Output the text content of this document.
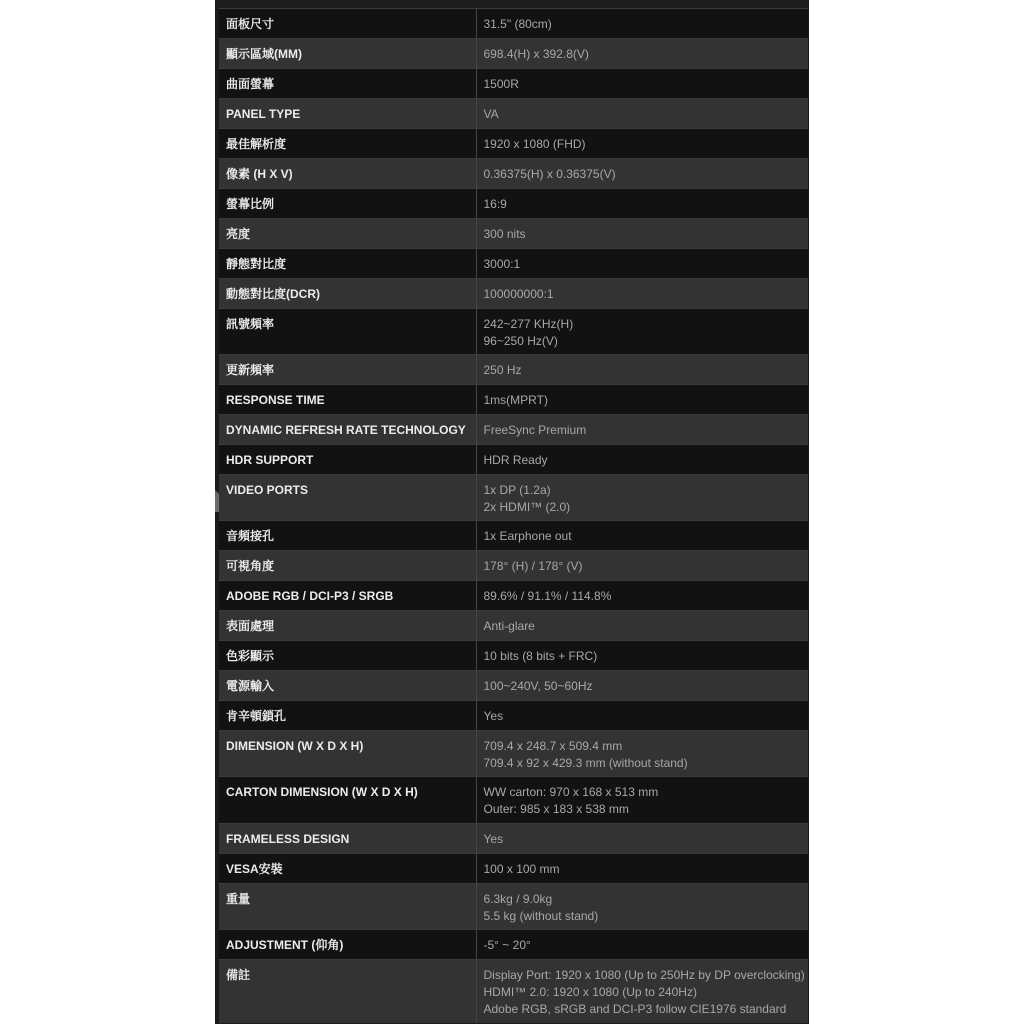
面板尺寸	31.5" (80cm)

顯示區域(MM)	698.4(H) x 392.8(V)

曲面螢幕	1500R

PANEL TYPE	VA

最佳解析度	1920 x 1080 (FHD)

像素 (H X V)	0.36375(H) x 0.36375(V)

螢幕比例	16:9

亮度	300 nits

靜態對比度	3000:1

動態對比度(DCR)	100000000:1

訊號頻率	242~277 KHz(H)
96~250 Hz(V)

更新頻率	250 Hz

RESPONSE TIME	1ms(MPRT)

DYNAMIC REFRESH RATE TECHNOLOGY	FreeSync Premium

HDR SUPPORT	HDR Ready

VIDEO PORTS	1x DP (1.2a)
2x HDMI™ (2.0)

音頻接孔	1x Earphone out

可視角度	178° (H) / 178° (V)

ADOBE RGB / DCI-P3 / SRGB	89.6% / 91.1% / 114.8%

表面處理	Anti-glare

色彩顯示	10 bits (8 bits + FRC)

電源輸入	100~240V, 50~60Hz

肯辛頓鎖孔	Yes

DIMENSION (W X D X H)	709.4 x 248.7 x 509.4 mm
709.4 x 92 x 429.3 mm (without stand)

CARTON DIMENSION (W X D X H)	WW carton: 970 x 168 x 513 mm
Outer: 985 x 183 x 538 mm

FRAMELESS DESIGN	Yes

VESA安裝	100 x 100 mm

重量	6.3kg / 9.0kg
5.5 kg (without stand)

ADJUSTMENT (仰角)	-5° ~ 20°

備註	Display Port: 1920 x 1080 (Up to 250Hz by DP overclocking)
HDMI™ 2.0: 1920 x 1080 (Up to 240Hz)
Adobe RGB, sRGB and DCI-P3 follow CIE1976 standard
